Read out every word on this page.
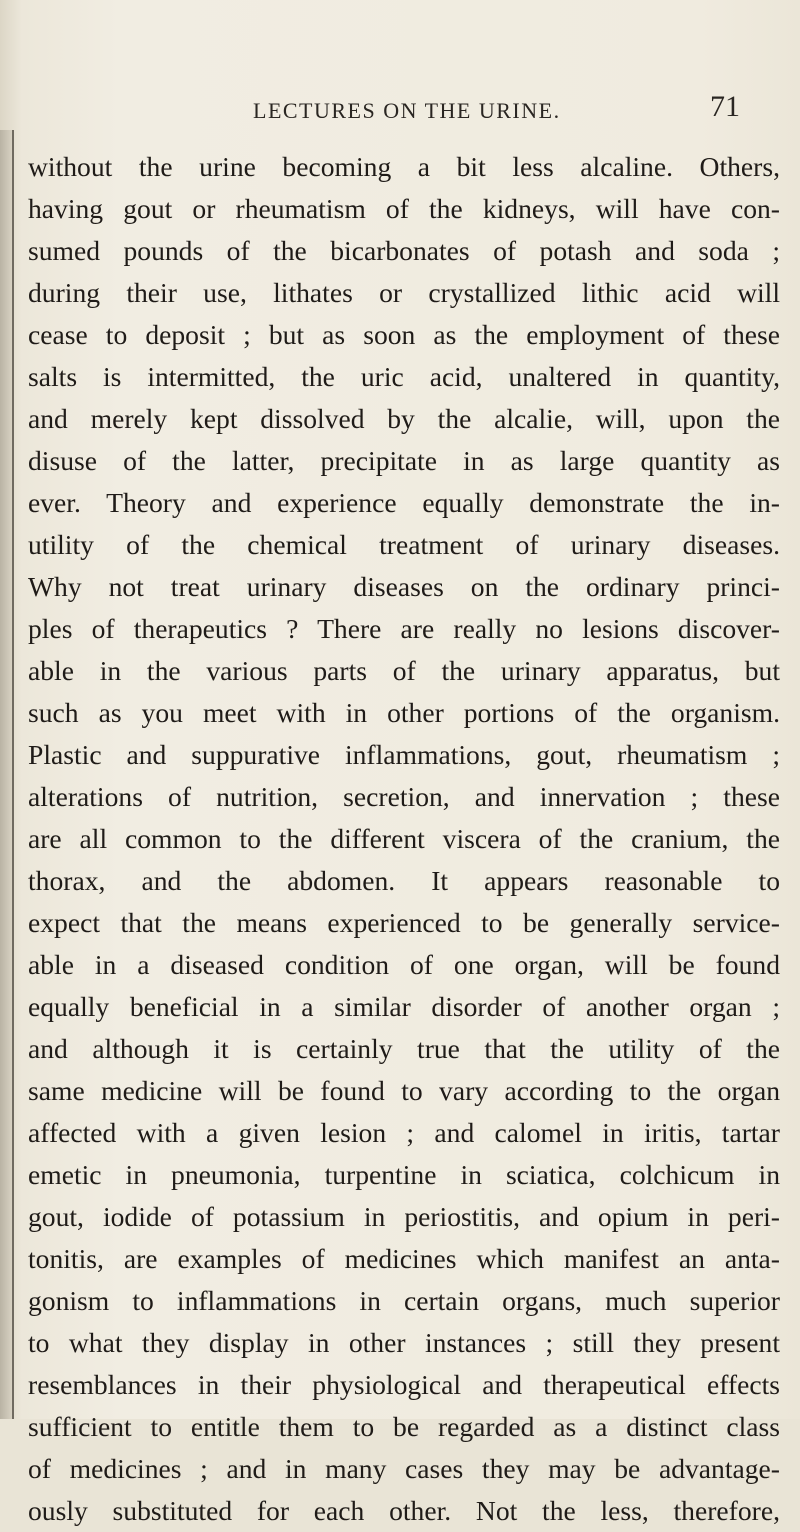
LECTURES ON THE URINE.	71
without the urine becoming a bit less alcaline. Others,
having gout or rheumatism of the kidneys, will have con-
sumed pounds of the bicarbonates of potash and soda ;
during their use, lithates or crystallized lithic acid will
cease to deposit ; but as soon as the employment of these
salts is intermitted, the uric acid, unaltered in quantity,
and merely kept dissolved by the alcalie, will, upon the
disuse of the latter, precipitate in as large quantity as
ever. Theory and experience equally demonstrate the in-
utility of the chemical treatment of urinary diseases.
Why not treat urinary diseases on the ordinary princi-
ples of therapeutics ? There are really no lesions discover-
able in the various parts of the urinary apparatus, but
such as you meet with in other portions of the organism.
Plastic and suppurative inflammations, gout, rheumatism ;
alterations of nutrition, secretion, and innervation ; these
are all common to the different viscera of the cranium, the
thorax, and the abdomen. It appears reasonable to
expect that the means experienced to be generally service-
able in a diseased condition of one organ, will be found
equally beneficial in a similar disorder of another organ ;
and although it is certainly true that the utility of the
same medicine will be found to vary according to the organ
affected with a given lesion ; and calomel in iritis, tartar
emetic in pneumonia, turpentine in sciatica, colchicum in
gout, iodide of potassium in periostitis, and opium in peri-
tonitis, are examples of medicines which manifest an anta-
gonism to inflammations in certain organs, much superior
to what they display in other instances ; still they present
resemblances in their physiological and therapeutical effects
sufficient to entitle them to be regarded as a distinct class
of medicines ; and in many cases they may be advantage-
ously substituted for each other. Not the less, therefore,
